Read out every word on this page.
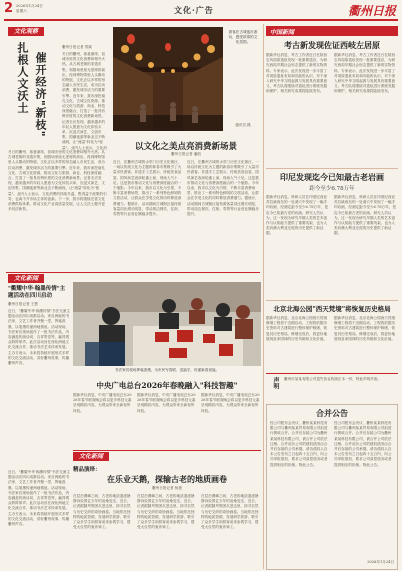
2 2026年1月24日
星期六	文化·广告	衢州日报
文化观察
扎根人文沃土 催开经济"新枝"
衢州日报记者 郑斌
冬日的衢州，寒意渐浓，但城市里的文化消费却格外火热。从古城老街的非遗市集，到剧场里座无虚席的演出，再到博物馆里人头攒动的特展，文化正以多样的形态融入市民生活，成为拉动消费、激发城市活力的重要引擎。近年来，我市深挖南孔文化、古城文化资源，推动文化与旅游、商业、科技深度融合，打造了一批具有辨识度的文化消费新场景。记者走访发现，越来越多的年轻人愿意为文化体验买单，沉浸式演艺、文创市集、国潮夜游等新业态不断涌现，让"流量"转化为"留量"。业内人士表示，文化消
冬日的衢州，寒意渐浓，但城市里的文化消费却格外火热。从古城老街的非遗市集，到剧场里座无虚席的演出，再到博物馆里人头攒动的特展，文化正以多样的形态融入市民生活，成为拉动消费、激发城市活力的重要引擎。近年来，我市深挖南孔文化、古城文化资源，推动文化与旅游、商业、科技深度融合，打造了一批具有辨识度的文化消费新场景。记者走访发现，越来越多的年轻人愿意为文化体验买单，沉浸式演艺、文创市集、国潮夜游等新业态不断涌现，让"流量"转化为"留量"。业内人士表示，文化消费的持续升温，既得益于政策的引导，也离不开市场主体的创新。下一步，我市将继续完善文化消费供给体系，推动文化产业高质量发展，让人文沃土催开更多经济新枝。
游客在古城夜市游玩，感受浓浓的文化氛围。
通讯员 摄
以文化之美点亮消费新场景
衢州日报记者 潘凯
近日，在衢州古城的水亭门历史文化街区，一场以传统文化为主题的新春市集吸引了大量市民游客。非遗手工艺展示、传统美食品鉴、国风演艺表演轮番上演，现场人气十足。这是我市推动文化与消费深度融合的一个缩影。今年以来，我市以文化为引领，不断丰富消费场景，推出了一系列特色鲜明的文旅活动，让群众在享受文化的同时释放消费潜力。据统计，活动期间古城街区接待游客量同比增长明显，带动周边餐饮、住宿、零售等行业营业额稳步提升。
近日，在衢州古城的水亭门历史文化街区，一场以传统文化为主题的新春市集吸引了大量市民游客。非遗手工艺展示、传统美食品鉴、国风演艺表演轮番上演，现场人气十足。这是我市推动文化与消费深度融合的一个缩影。今年以来，我市以文化为引领，不断丰富消费场景，推出了一系列特色鲜明的文旅活动，让群众在享受文化的同时释放消费潜力。据统计，活动期间古城街区接待游客量同比增长明显，带动周边餐饮、住宿、零售等行业营业额稳步提升。
文化新闻
"衢耀中华·翰墨传情"主题活动在四川启动
衢州日报记者 王慧
近日，"衢耀中华·翰墨传情"书法交流主题活动在四川成都启动。来自两地的书法家、文艺工作者齐聚一堂，挥毫泼墨，以笔墨传递两地情谊。活动现场，书法家们现场创作了一批书法作品，内容涵盖传统诗词、吉祥寄语等，赢得观众阵阵掌声。此次活动旨在深化两地文化交流合作，推动书法艺术传承发展。主办方表示，未来将持续开展形式多样的文化交流活动，讲好衢州故事，传播衢州声音。
书法家们现场挥毫泼墨，为市民写春联、送福字，传递新春祝福。
中央广电总台2026年春晚融入"科技智趣"
据新华社消息，中央广播电视总台2026年春节联欢晚会将以更多科技元素呈现精彩内容，为观众带来全新视听体验。
据新华社消息，中央广播电视总台2026年春节联欢晚会将以更多科技元素呈现精彩内容，为观众带来全新视听体验。
据新华社消息，中央广播电视总台2026年春节联欢晚会将以更多科技元素呈现精彩内容，为观众带来全新视听体验。
文化新闻
精品演绎：
在乐业天鹅，探输古老的地质画卷
衢州日报记者 杨惠
在层峦叠嶂之间，古老的地质遗迹静静诉说着亿万年的沧桑变迁。近日，记者跟随考察团走进这里，探寻自然与历史交织的奇妙画卷。当地依托独特的地质资源，发展研学旅游，吸引了众多学生和游客前来参观学习，感受大自然的鬼斧神工。
在层峦叠嶂之间，古老的地质遗迹静静诉说着亿万年的沧桑变迁。近日，记者跟随考察团走进这里，探寻自然与历史交织的奇妙画卷。当地依托独特的地质资源，发展研学旅游，吸引了众多学生和游客前来参观学习，感受大自然的鬼斧神工。
在层峦叠嶂之间，古老的地质遗迹静静诉说着亿万年的沧桑变迁。近日，记者跟随考察团走进这里，探寻自然与历史交织的奇妙画卷。当地依托独特的地质资源，发展研学旅游，吸引了众多学生和游客前来参观学习，感受大自然的鬼斧神工。
中国新闻
考古新发现佐证西岐左居原
据新华社消息，考古工作者近日在陕西宝鸡周原遗址发现一批重要遗存，为研究西周早期社会形态提供了新的实物资料。专家表示，此次发现进一步丰富了对周原遗址布局和功能的认识，对于深入研究中华文明起源与发展具有重要意义。考古队将继续对遗址进行系统发掘和保护，相关研究成果将陆续发布。
据新华社消息，考古工作者近日在陕西宝鸡周原遗址发现一批重要遗存，为研究西周早期社会形态提供了新的实物资料。专家表示，此次发现进一步丰富了对周原遗址布局和功能的认识，对于深入研究中华文明起源与发展具有重要意义。考古队将继续对遗址进行系统发掘和保护，相关研究成果将陆续发布。
印尼发现迄今已知最古老岩画
距今至少6.78万年
据新华社消息，科研人员在印度尼西亚苏拉威西岛的一处洞穴中发现了一幅手印岩画，经测定距今至少6.78万年，是迄今已知最古老的岩画。研究人员认为，这一发现为研究早期人类的艺术创作与认知能力提供了重要线索，也为人类向澳大利亚迁徙的历史提供了新证据。
据新华社消息，科研人员在印度尼西亚苏拉威西岛的一处洞穴中发现了一幅手印岩画，经测定距今至少6.78万年，是迄今已知最古老的岩画。研究人员认为，这一发现为研究早期人类的艺术创作与认知能力提供了重要线索，也为人类向澳大利亚迁徙的历史提供了新证据。
北京北海公园"西天梵境"将恢复历史格局
据新华社消息，北京北海公园西天梵境修缮工程将于近期启动，工程将依据历史资料对古建筑进行整体保护修缮，恢复其历史格局。修缮完成后，将更好地展现皇家园林的历史风貌和文化价值。
据新华社消息，北京北海公园西天梵境修缮工程将于近期启动，工程将依据历史资料对古建筑进行整体保护修缮，恢复其历史格局。修缮完成后，将更好地展现皇家园林的历史风貌和文化价值。
声明 衢州市某某有限公司遗失营业执照正本一份，特此声明作废。
合并公告
经公司股东会决议，衢州某某科技有限公司与衢州某某贸易有限公司拟进行吸收合并。合并后存续公司为衢州某某科技有限公司，被合并公司依法注销。合并前各公司的债权债务由合并后存续的公司承继。请各债权人自本公告发布之日起四十五日内，向公司申报债权，要求公司清偿债务或者提供相应的担保。特此公告。
经公司股东会决议，衢州某某科技有限公司与衢州某某贸易有限公司拟进行吸收合并。合并后存续公司为衢州某某科技有限公司，被合并公司依法注销。合并前各公司的债权债务由合并后存续的公司承继。请各债权人自本公告发布之日起四十五日内，向公司申报债权，要求公司清偿债务或者提供相应的担保。特此公告。
2026年1月24日
近日，"衢耀中华·翰墨传情"书法交流主题活动在四川成都启动。来自两地的书法家、文艺工作者齐聚一堂，挥毫泼墨，以笔墨传递两地情谊。活动现场，书法家们现场创作了一批书法作品，内容涵盖传统诗词、吉祥寄语等，赢得观众阵阵掌声。此次活动旨在深化两地文化交流合作，推动书法艺术传承发展。主办方表示，未来将持续开展形式多样的文化交流活动，讲好衢州故事，传播衢州声音。
